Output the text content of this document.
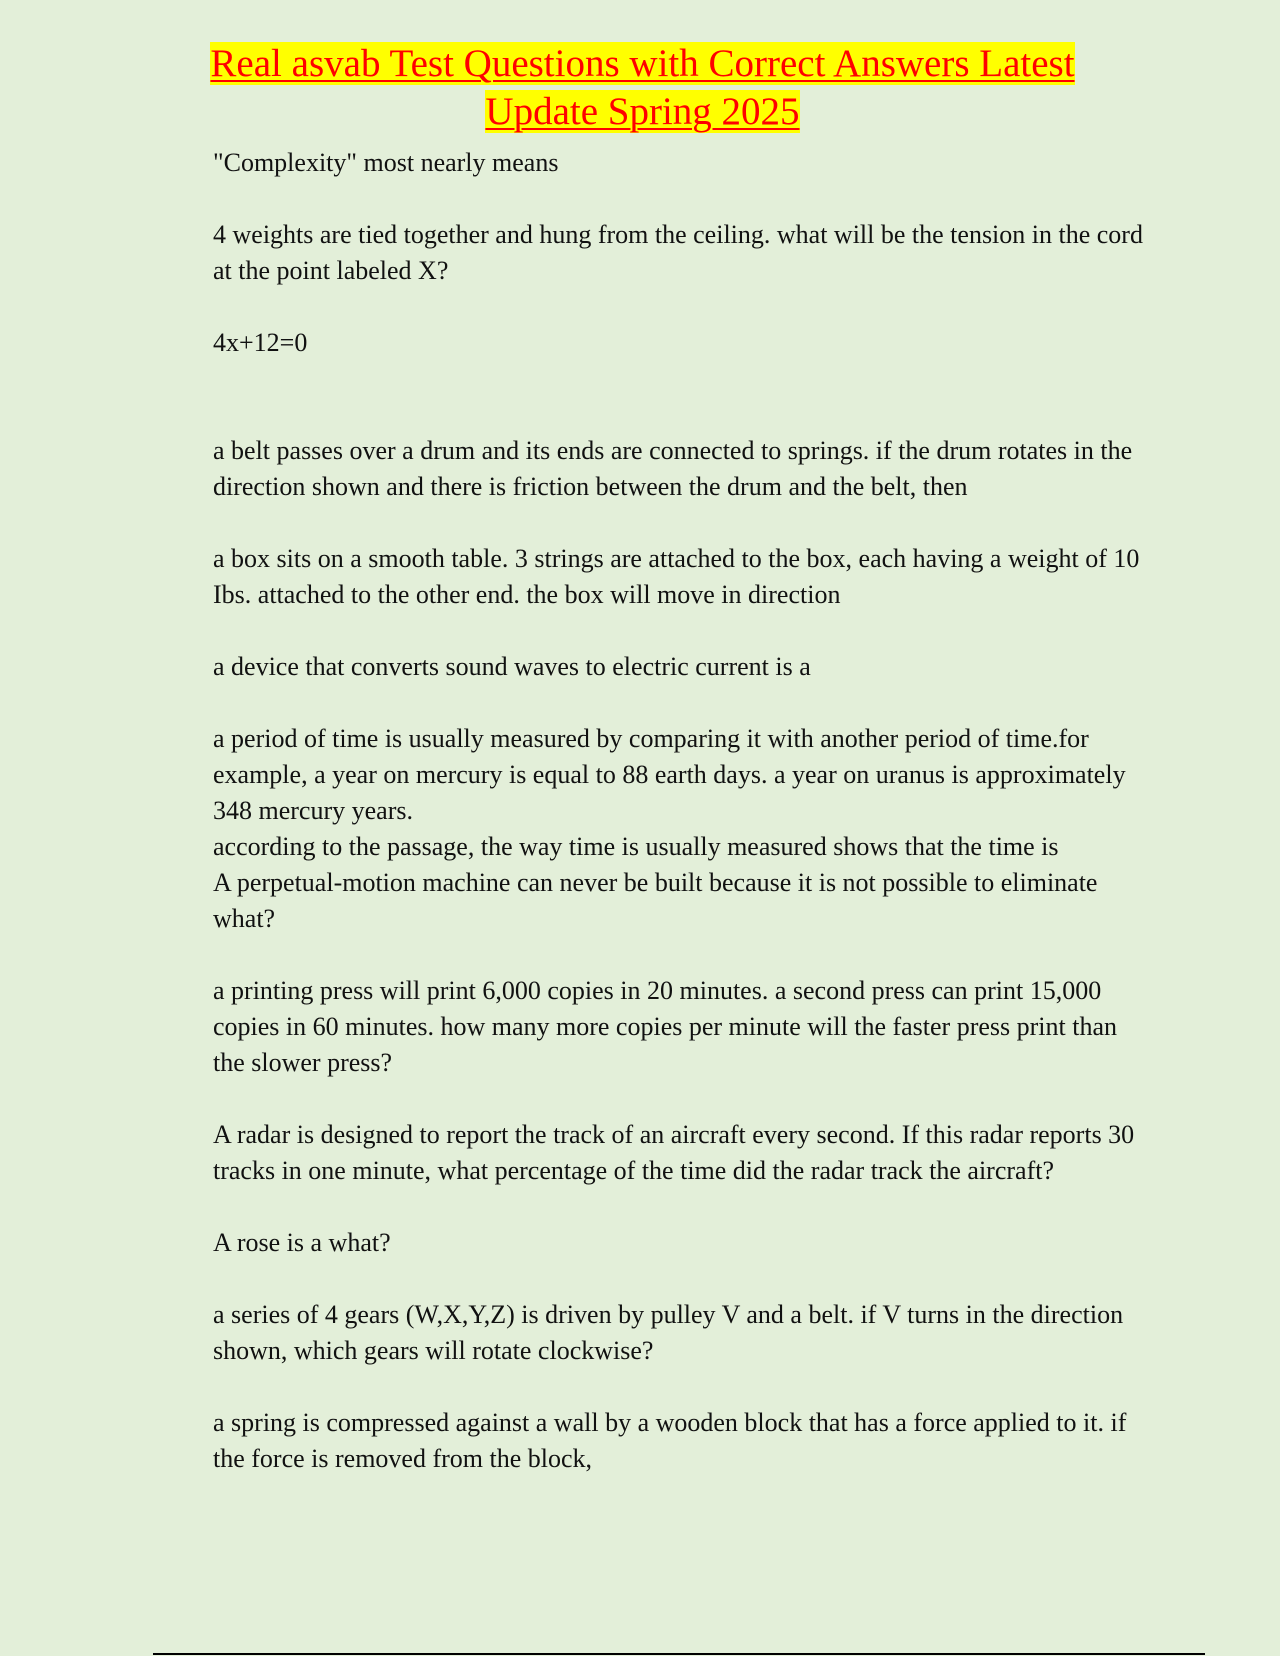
Real asvab Test Questions with Correct Answers Latest Update Spring 2025

"Complexity" most nearly means

4 weights are tied together and hung from the ceiling. what will be the tension in the cord at the point labeled X?

4x+12=0

a belt passes over a drum and its ends are connected to springs. if the drum rotates in the direction shown and there is friction between the drum and the belt, then

a box sits on a smooth table. 3 strings are attached to the box, each having a weight of 10 Ibs. attached to the other end. the box will move in direction

a device that converts sound waves to electric current is a

a period of time is usually measured by comparing it with another period of time.for example, a year on mercury is equal to 88 earth days. a year on uranus is approximately 348 mercury years.
according to the passage, the way time is usually measured shows that the time is

A perpetual-motion machine can never be built because it is not possible to eliminate what?

a printing press will print 6,000 copies in 20 minutes. a second press can print 15,000 copies in 60 minutes. how many more copies per minute will the faster press print than the slower press?

A radar is designed to report the track of an aircraft every second. If this radar reports 30 tracks in one minute, what percentage of the time did the radar track the aircraft?

A rose is a what?

a series of 4 gears (W,X,Y,Z) is driven by pulley V and a belt. if V turns in the direction shown, which gears will rotate clockwise?

a spring is compressed against a wall by a wooden block that has a force applied to it. if the force is removed from the block,
